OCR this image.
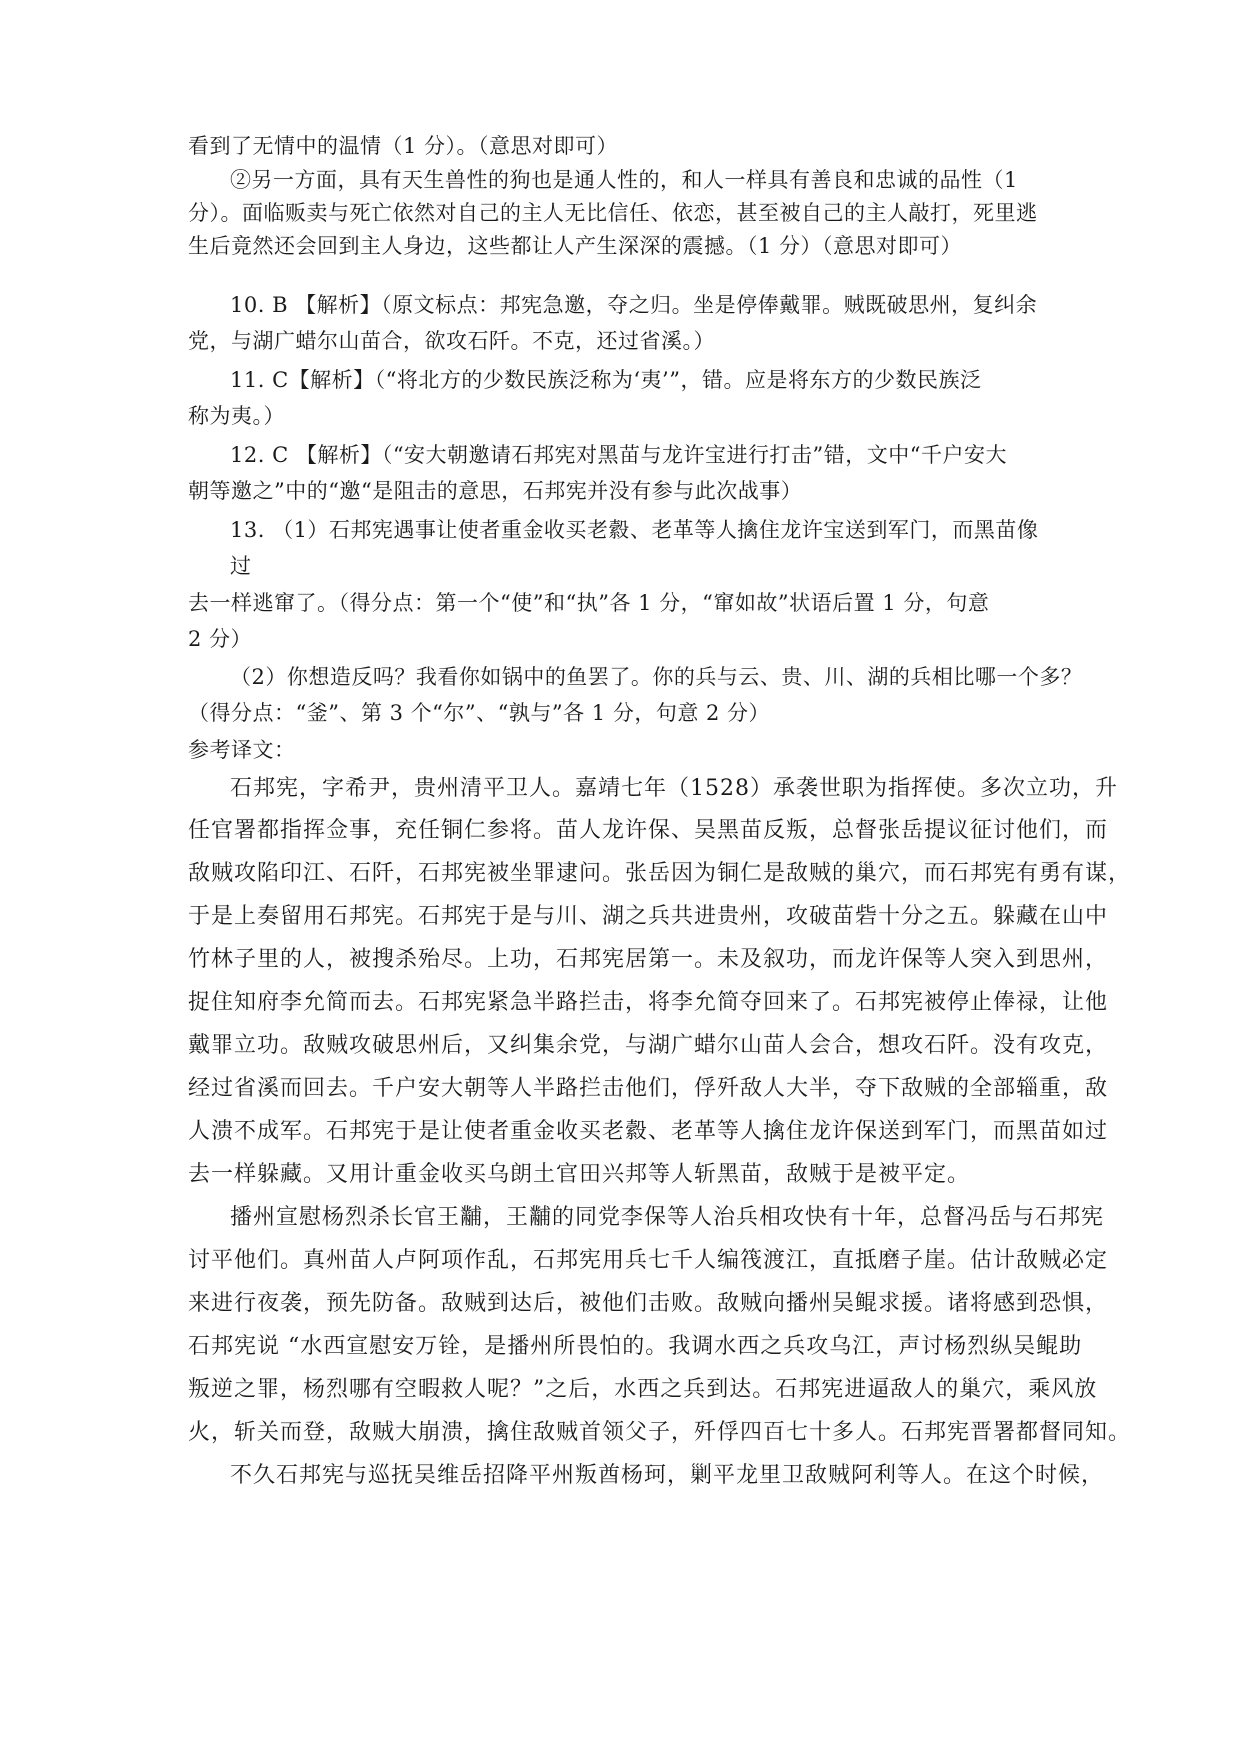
看到了无情中的温情（1 分）。（意思对即可）
②另一方面，具有天生兽性的狗也是通人性的，和人一样具有善良和忠诚的品性（1
分）。面临贩卖与死亡依然对自己的主人无比信任、依恋，甚至被自己的主人敲打，死里逃
生后竟然还会回到主人身边，这些都让人产生深深的震撼。（1 分）（意思对即可）
10. B 【解析】（原文标点：邦宪急邀，夺之归。坐是停俸戴罪。贼既破思州，复纠余
党，与湖广蜡尔山苗合，欲攻石阡。不克，还过省溪。）
11. C【解析】（“将北方的少数民族泛称为‘夷’”，错。应是将东方的少数民族泛
称为夷。）
12. C 【解析】（“安大朝邀请石邦宪对黑苗与龙许宝进行打击”错，文中“千户安大
朝等邀之”中的“邀“是阻击的意思，石邦宪并没有参与此次战事）
13. （1）石邦宪遇事让使者重金收买老縠、老革等人擒住龙许宝送到军门，而黑苗像
过
去一样逃窜了。（得分点：第一个“使”和“执”各 1 分，“窜如故”状语后置 1 分，句意
2 分）
（2）你想造反吗？我看你如锅中的鱼罢了。你的兵与云、贵、川、湖的兵相比哪一个多？
（得分点：“釜”、第 3 个“尔”、“孰与”各 1 分，句意 2 分）
参考译文：
石邦宪，字希尹，贵州清平卫人。嘉靖七年（1528）承袭世职为指挥使。多次立功，升
任官署都指挥佥事，充任铜仁参将。苗人龙许保、吴黑苗反叛，总督张岳提议征讨他们，而
敌贼攻陷印江、石阡，石邦宪被坐罪逮问。张岳因为铜仁是敌贼的巢穴，而石邦宪有勇有谋，
于是上奏留用石邦宪。石邦宪于是与川、湖之兵共进贵州，攻破苗砦十分之五。躲藏在山中
竹林子里的人，被搜杀殆尽。上功，石邦宪居第一。未及叙功，而龙许保等人突入到思州，
捉住知府李允简而去。石邦宪紧急半路拦击，将李允简夺回来了。石邦宪被停止俸禄，让他
戴罪立功。敌贼攻破思州后，又纠集余党，与湖广蜡尔山苗人会合，想攻石阡。没有攻克，
经过省溪而回去。千户安大朝等人半路拦击他们，俘歼敌人大半，夺下敌贼的全部辎重，敌
人溃不成军。石邦宪于是让使者重金收买老縠、老革等人擒住龙许保送到军门，而黑苗如过
去一样躲藏。又用计重金收买乌朗土官田兴邦等人斩黑苗，敌贼于是被平定。
播州宣慰杨烈杀长官王黼，王黼的同党李保等人治兵相攻快有十年，总督冯岳与石邦宪
讨平他们。真州苗人卢阿项作乱，石邦宪用兵七千人编筏渡江，直抵磨子崖。估计敌贼必定
来进行夜袭，预先防备。敌贼到达后，被他们击败。敌贼向播州吴鲲求援。诸将感到恐惧，
石邦宪说 “水西宣慰安万铨，是播州所畏怕的。我调水西之兵攻乌江，声讨杨烈纵吴鲲助
叛逆之罪，杨烈哪有空暇救人呢？”之后，水西之兵到达。石邦宪进逼敌人的巢穴，乘风放
火，斩关而登，敌贼大崩溃，擒住敌贼首领父子，歼俘四百七十多人。石邦宪晋署都督同知。
不久石邦宪与巡抚吴维岳招降平州叛酋杨珂，剿平龙里卫敌贼阿利等人。在这个时候，
